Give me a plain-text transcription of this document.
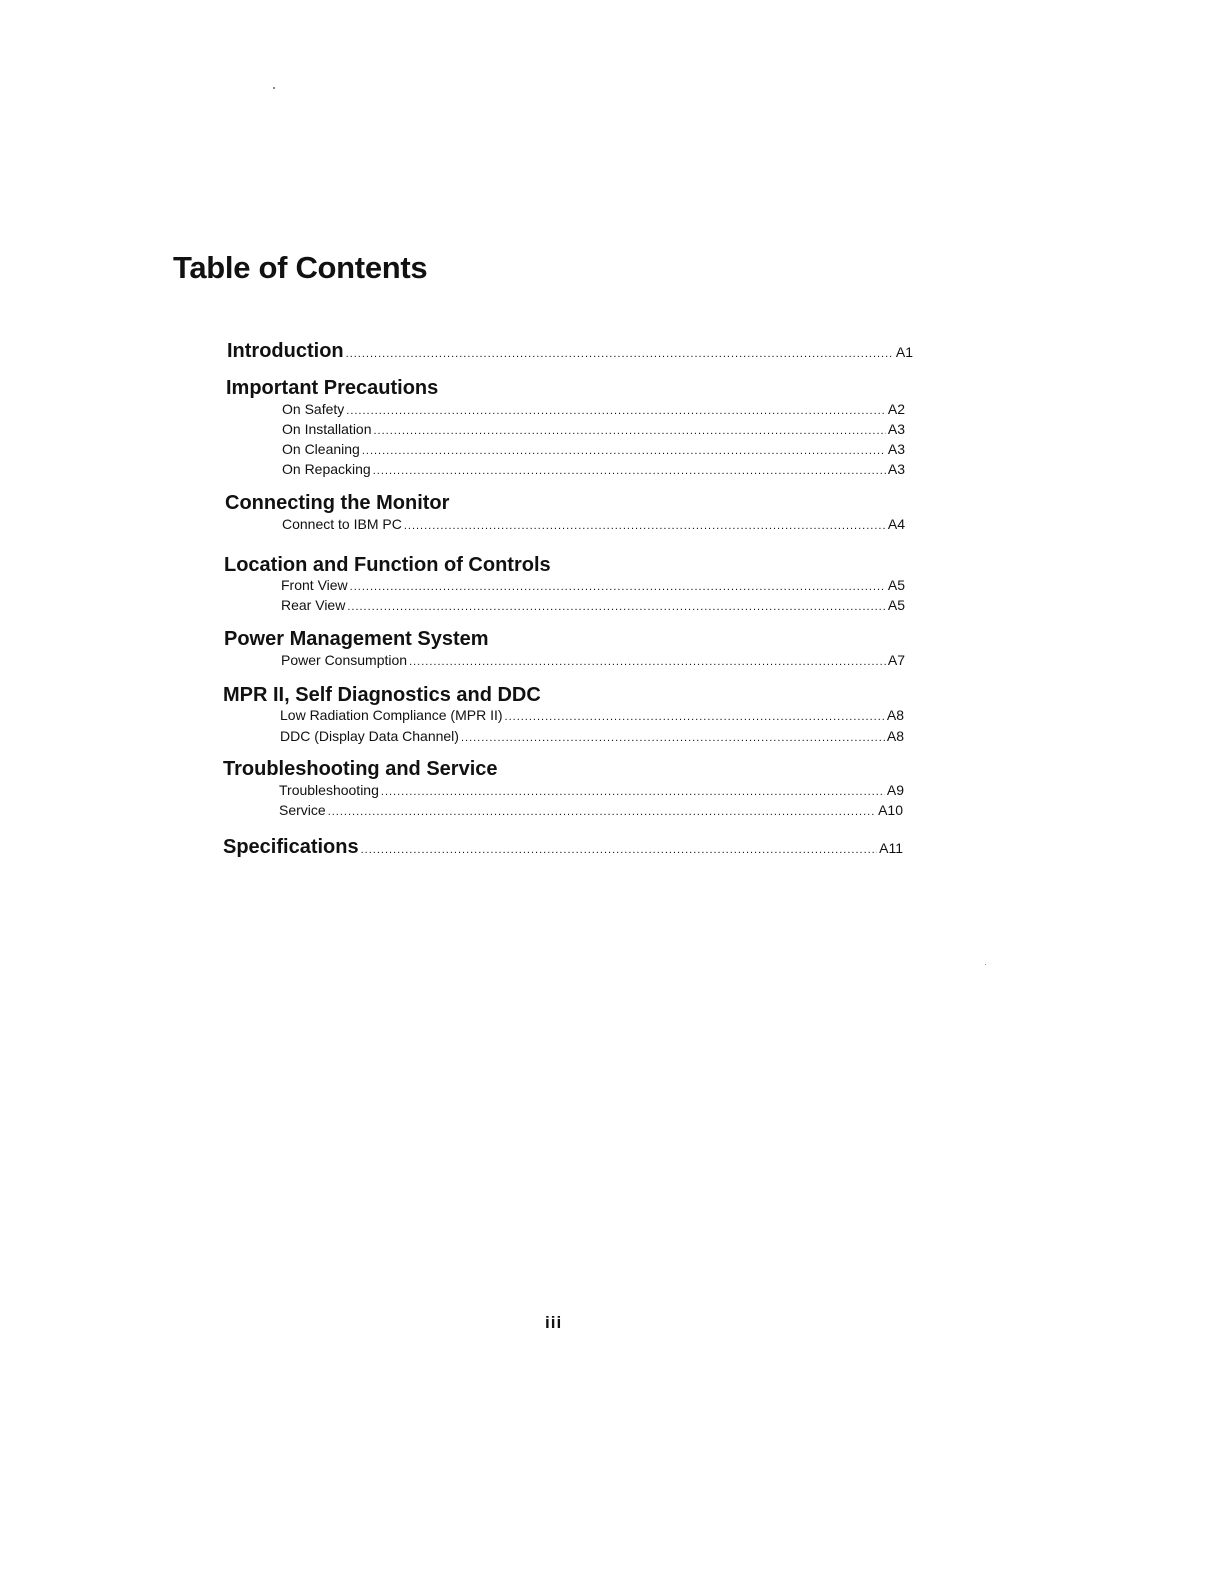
Table of Contents
Introduction .....	A1
Important Precautions
On Safety .....	A2
On Installation .....	A3
On Cleaning .....	A3
On Repacking .....	A3
Connecting the Monitor
Connect to IBM PC .....	A4
Location and Function of Controls
Front View .....	A5
Rear View .....	A5
Power Management System
Power Consumption .....	A7
MPR II, Self Diagnostics and DDC
Low Radiation Compliance (MPR II) .....	A8
DDC (Display Data Channel) .....	A8
Troubleshooting and Service
Troubleshooting .....	A9
Service .....	A10
Specifications .....	A11
iii
